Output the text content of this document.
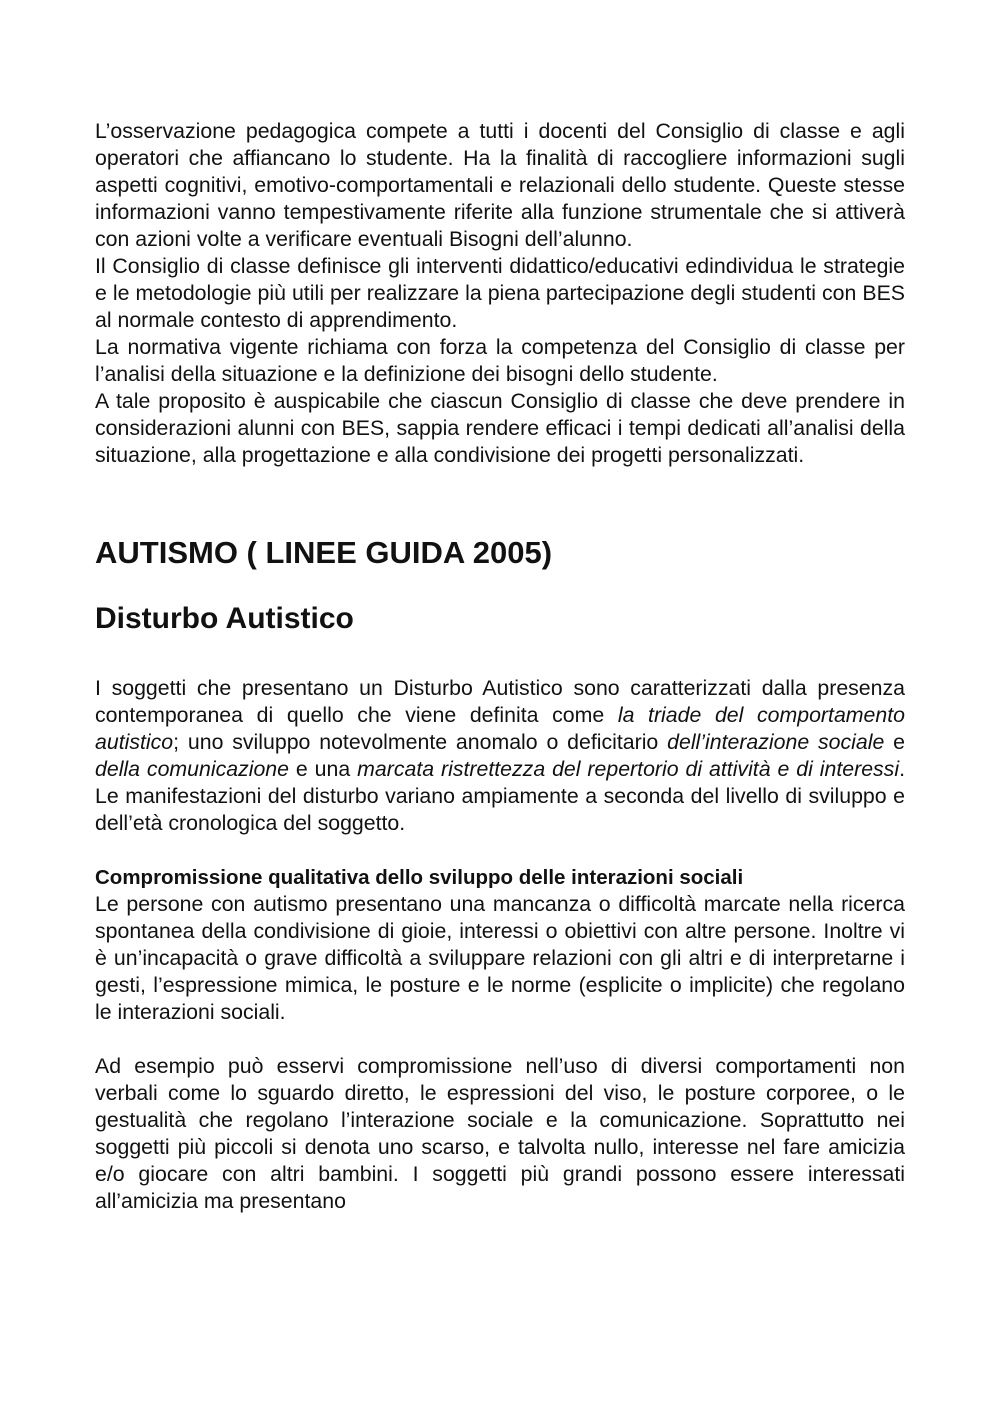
L’osservazione pedagogica compete a tutti i docenti del Consiglio di classe e agli operatori che affiancano lo studente. Ha la finalità di raccogliere informazioni sugli aspetti cognitivi, emotivo-comportamentali e relazionali dello studente. Queste stesse informazioni vanno tempestivamente riferite alla funzione strumentale che si attiverà con azioni volte a verificare eventuali Bisogni dell’alunno.

Il Consiglio di classe definisce gli interventi didattico/educativi edindividua le strategie e le metodologie più utili per realizzare la piena partecipazione degli studenti con BES al normale contesto di apprendimento.

La normativa vigente richiama con forza la competenza del Consiglio di classe per l’analisi della situazione e la definizione dei bisogni dello studente.

A tale proposito è auspicabile che ciascun Consiglio di classe che deve prendere in considerazioni alunni con BES, sappia rendere efficaci i tempi dedicati all’analisi della situazione, alla progettazione e alla condivisione dei progetti personalizzati.

AUTISMO ( LINEE GUIDA 2005)
Disturbo Autistico

I soggetti che presentano un Disturbo Autistico sono caratterizzati dalla presenza contemporanea di quello che viene definita come la triade del comportamento autistico; uno sviluppo notevolmente anomalo o deficitario dell’interazione sociale e della comunicazione e una marcata ristrettezza del repertorio di attività e di interessi. Le manifestazioni del disturbo variano ampiamente a seconda del livello di sviluppo e dell’età cronologica del soggetto.

Compromissione qualitativa dello sviluppo delle interazioni sociali

Le persone con autismo presentano una mancanza o difficoltà marcate nella ricerca spontanea della condivisione di gioie, interessi o obiettivi con altre persone. Inoltre vi è un’incapacità o grave difficoltà a sviluppare relazioni con gli altri e di interpretarne i gesti, l’espressione mimica, le posture e le norme (esplicite o implicite) che regolano le interazioni sociali.

Ad esempio può esservi compromissione nell’uso di diversi comportamenti non verbali come lo sguardo diretto, le espressioni del viso, le posture corporee, o le gestualità che regolano l’interazione sociale e la comunicazione. Soprattutto nei soggetti più piccoli si denota uno scarso, e talvolta nullo, interesse nel fare amicizia e/o giocare con altri bambini. I soggetti più grandi possono essere interessati all’amicizia ma presentano
